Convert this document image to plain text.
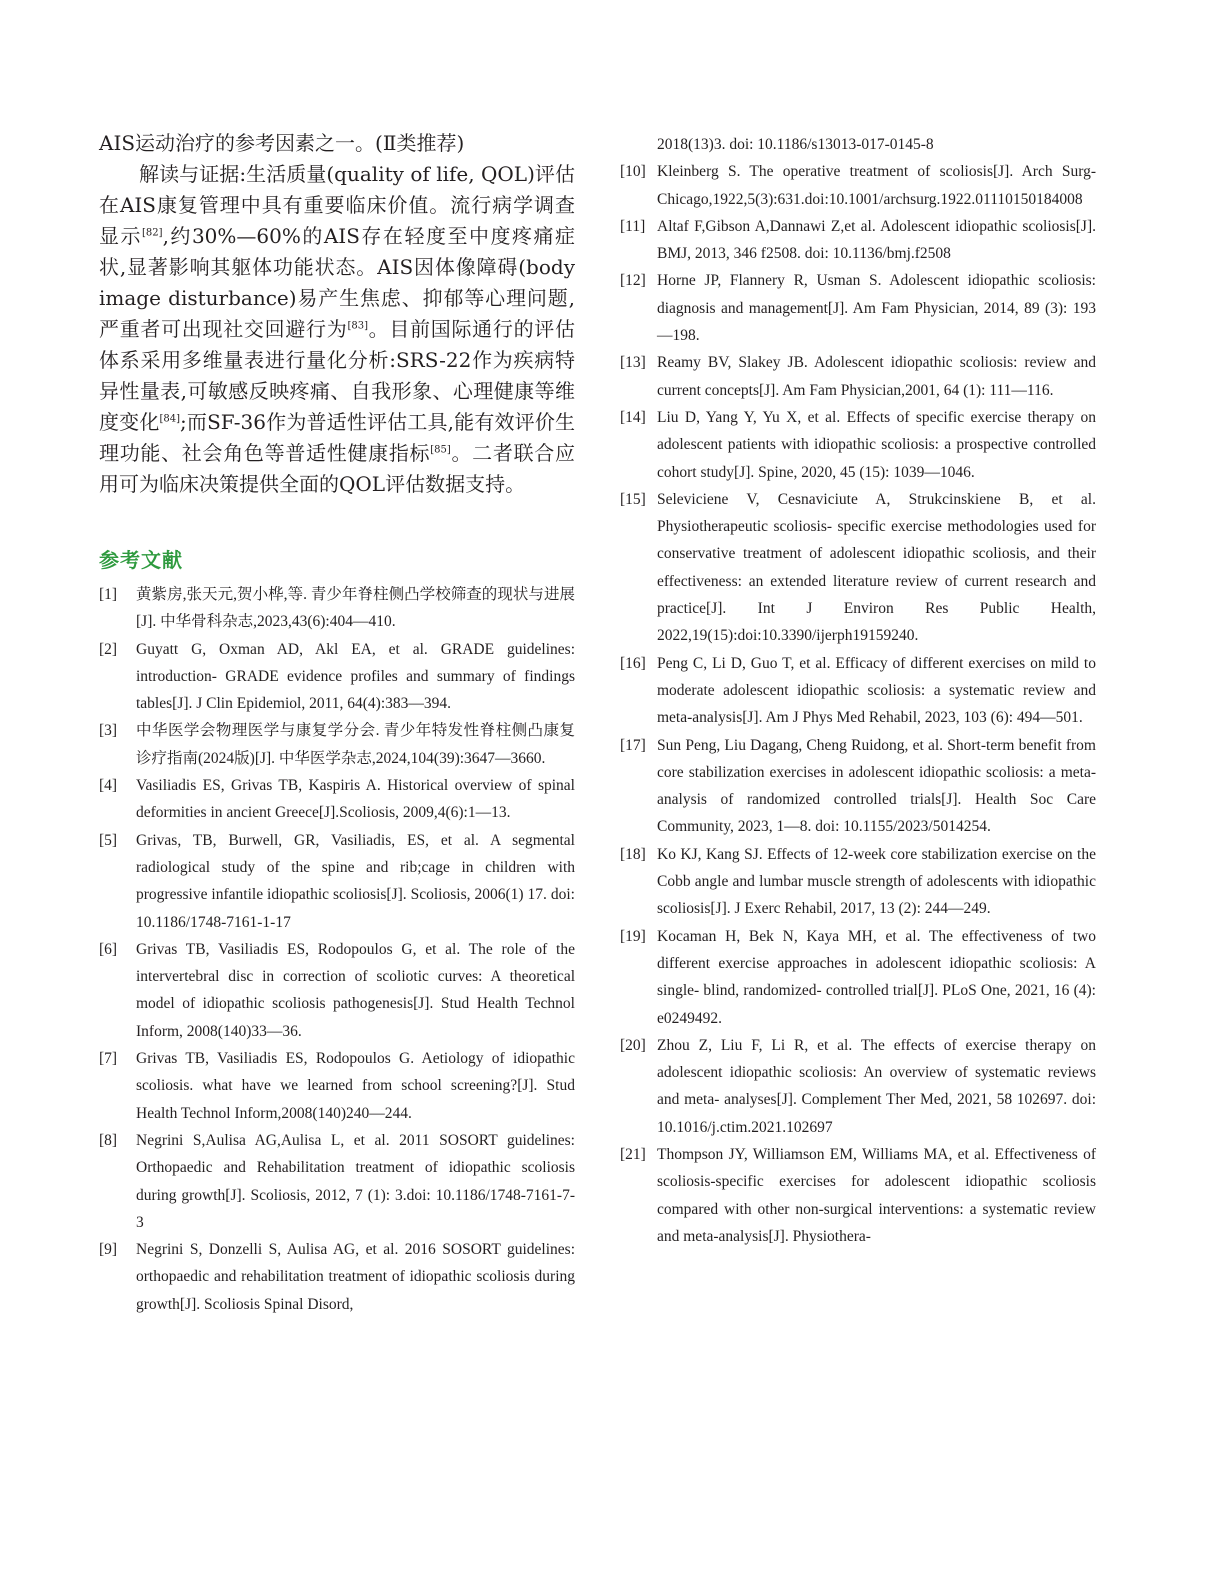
AIS运动治疗的参考因素之一。(Ⅱ类推荐)

解读与证据:生活质量(quality of life, QOL)评估在AIS康复管理中具有重要临床价值。流行病学调查显示[82],约30%—60%的AIS存在轻度至中度疼痛症状,显著影响其躯体功能状态。AIS因体像障碍(body image disturbance)易产生焦虑、抑郁等心理问题,严重者可出现社交回避行为[83]。目前国际通行的评估体系采用多维量表进行量化分析:SRS-22作为疾病特异性量表,可敏感反映疼痛、自我形象、心理健康等维度变化[84];而SF-36作为普适性评估工具,能有效评价生理功能、社会角色等普适性健康指标[85]。二者联合应用可为临床决策提供全面的QOL评估数据支持。

参考文献
[1]	黄紫房,张天元,贺小桦,等. 青少年脊柱侧凸学校筛查的现状与进展[J]. 中华骨科杂志,2023,43(6):404—410.
[2]	Guyatt G, Oxman AD, Akl EA, et al. GRADE guidelines: introduction- GRADE evidence profiles and summary of findings tables[J]. J Clin Epidemiol, 2011, 64(4):383—394.
[3]	中华医学会物理医学与康复学分会. 青少年特发性脊柱侧凸康复诊疗指南(2024版)[J]. 中华医学杂志,2024,104(39):3647—3660.
[4]	Vasiliadis ES, Grivas TB, Kaspiris A. Historical overview of spinal deformities in ancient Greece[J].Scoliosis, 2009,4(6):1—13.
[5]	Grivas, TB, Burwell, GR, Vasiliadis, ES, et al. A segmental radiological study of the spine and rib;cage in children with progressive infantile idiopathic scoliosis[J]. Scoliosis, 2006(1) 17. doi: 10.1186/1748-7161-1-17
[6]	Grivas TB, Vasiliadis ES, Rodopoulos G, et al. The role of the intervertebral disc in correction of scoliotic curves: A theoretical model of idiopathic scoliosis pathogenesis[J]. Stud Health Technol Inform, 2008(140)33—36.
[7]	Grivas TB, Vasiliadis ES, Rodopoulos G. Aetiology of idiopathic scoliosis. what have we learned from school screening?[J]. Stud Health Technol Inform,2008(140)240—244.
[8]	Negrini S,Aulisa AG,Aulisa L, et al. 2011 SOSORT guidelines: Orthopaedic and Rehabilitation treatment of idiopathic scoliosis during growth[J]. Scoliosis, 2012, 7 (1): 3.doi: 10.1186/1748-7161-7-3
[9]	Negrini S, Donzelli S, Aulisa AG, et al. 2016 SOSORT guidelines: orthopaedic and rehabilitation treatment of idiopathic scoliosis during growth[J]. Scoliosis Spinal Disord,
2018(13)3. doi: 10.1186/s13013-017-0145-8
[10] Kleinberg S. The operative treatment of scoliosis[J]. Arch Surg-Chicago,1922,5(3):631.doi:10.1001/archsurg.1922.01110150184008
[11] Altaf F,Gibson A,Dannawi Z,et al. Adolescent idiopathic scoliosis[J]. BMJ, 2013, 346 f2508. doi: 10.1136/bmj.f2508
[12] Horne JP, Flannery R, Usman S. Adolescent idiopathic scoliosis: diagnosis and management[J]. Am Fam Physician, 2014, 89 (3): 193—198.
[13] Reamy BV, Slakey JB. Adolescent idiopathic scoliosis: review and current concepts[J]. Am Fam Physician,2001, 64 (1): 111—116.
[14] Liu D, Yang Y, Yu X, et al. Effects of specific exercise therapy on adolescent patients with idiopathic scoliosis: a prospective controlled cohort study[J]. Spine, 2020, 45 (15): 1039—1046.
[15] Seleviciene V, Cesnaviciute A, Strukcinskiene B, et al. Physiotherapeutic scoliosis- specific exercise methodologies used for conservative treatment of adolescent idiopathic scoliosis, and their effectiveness: an extended literature review of current research and practice[J]. Int J Environ Res Public Health, 2022,19(15):doi:10.3390/ijerph19159240.
[16] Peng C, Li D, Guo T, et al. Efficacy of different exercises on mild to moderate adolescent idiopathic scoliosis: a systematic review and meta-analysis[J]. Am J Phys Med Rehabil, 2023, 103 (6): 494—501.
[17] Sun Peng, Liu Dagang, Cheng Ruidong, et al. Short-term benefit from core stabilization exercises in adolescent idiopathic scoliosis: a meta- analysis of randomized controlled trials[J]. Health Soc Care Community, 2023, 1—8. doi: 10.1155/2023/5014254.
[18] Ko KJ, Kang SJ. Effects of 12-week core stabilization exercise on the Cobb angle and lumbar muscle strength of adolescents with idiopathic scoliosis[J]. J Exerc Rehabil, 2017, 13 (2): 244—249.
[19] Kocaman H, Bek N, Kaya MH, et al. The effectiveness of two different exercise approaches in adolescent idiopathic scoliosis: A single- blind, randomized- controlled trial[J]. PLoS One, 2021, 16 (4): e0249492.
[20] Zhou Z, Liu F, Li R, et al. The effects of exercise therapy on adolescent idiopathic scoliosis: An overview of systematic reviews and meta- analyses[J]. Complement Ther Med, 2021, 58 102697. doi: 10.1016/j.ctim.2021.102697
[21] Thompson JY, Williamson EM, Williams MA, et al. Effectiveness of scoliosis-specific exercises for adolescent idiopathic scoliosis compared with other non-surgical interventions: a systematic review and meta-analysis[J]. Physiothera-
